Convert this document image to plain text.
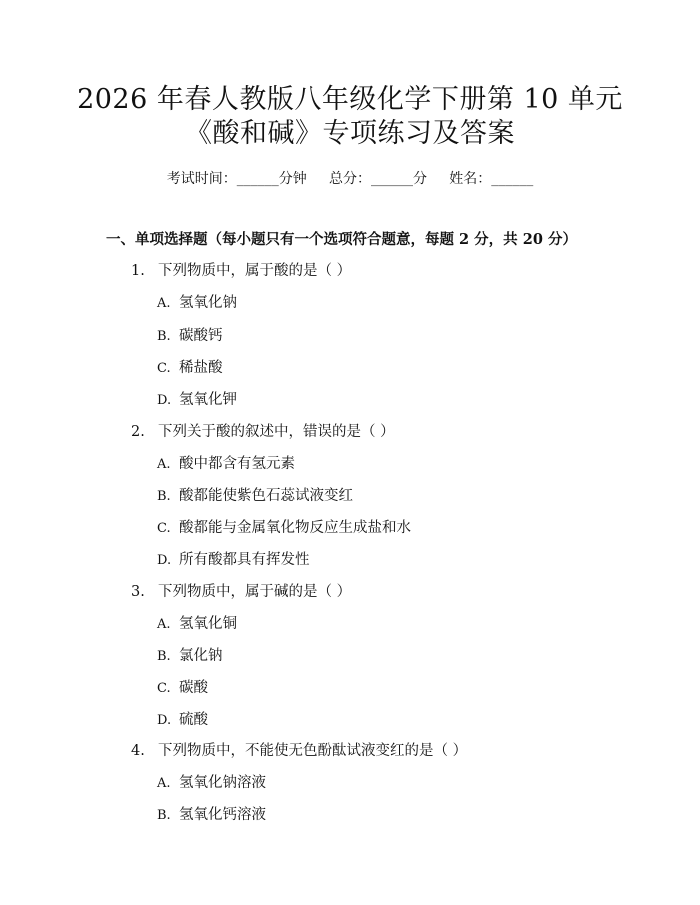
2026 年春人教版八年级化学下册第 10 单元
《酸和碱》专项练习及答案
考试时间：______分钟     总分：______分     姓名：______
一、单项选择题（每小题只有一个选项符合题意，每题 2 分，共 20 分）
1. 下列物质中，属于酸的是（ ）
A. 氢氧化钠
B. 碳酸钙
C. 稀盐酸
D. 氢氧化钾
2. 下列关于酸的叙述中，错误的是（ ）
A. 酸中都含有氢元素
B. 酸都能使紫色石蕊试液变红
C. 酸都能与金属氧化物反应生成盐和水
D. 所有酸都具有挥发性
3. 下列物质中，属于碱的是（ ）
A. 氢氧化铜
B. 氯化钠
C. 碳酸
D. 硫酸
4. 下列物质中，不能使无色酚酞试液变红的是（ ）
A. 氢氧化钠溶液
B. 氢氧化钙溶液
